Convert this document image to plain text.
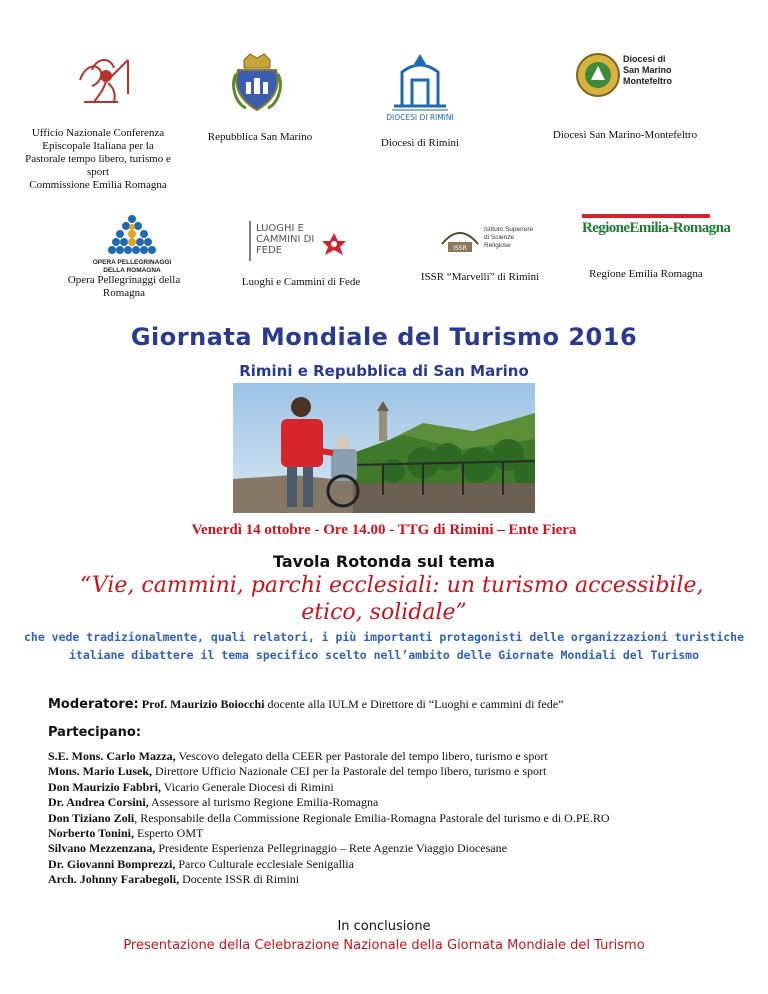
Ufficio Nazionale Conferenza Episcopale Italiana per la Pastorale tempo libero, turismo e sport
Commissione Emilia Romagna
Repubblica San Marino
DIOCESI DI RIMINI
Diocesi di Rimini
Diocesi di San Marino Montefeltro
Diocesi San Marino-Montefeltro
OPERA PELLEGRINAGGI DELLA ROMAGNA
Opera Pellegrinaggi della Romagna
LUOGHI E CAMMINI DI FEDE
Luoghi e Cammini di Fede
ISSR
Istituto Superiore di Scienze Religiose
ISSR “Marvelli” di Rimini
RegioneEmilia-Romagna
Regione Emilia Romagna
Giornata Mondiale del Turismo 2016
Rimini e Repubblica di San Marino
Venerdì 14 ottobre - Ore 14.00 - TTG di Rimini – Ente Fiera
Tavola Rotonda sul tema
“Vie, cammini, parchi ecclesiali: un turismo accessibile,
etico, solidale”
che vede tradizionalmente, quali relatori, i più importanti protagonisti delle organizzazioni turistiche
italiane dibattere il tema specifico scelto nell’ambito delle Giornate Mondiali del Turismo
Moderatore: Prof. Maurizio Boiocchi docente alla IULM e Direttore di “Luoghi e cammini di fede”
Partecipano:
S.E. Mons. Carlo Mazza, Vescovo delegato della CEER per Pastorale del tempo libero, turismo e sport
Mons. Mario Lusek, Direttore Ufficio Nazionale CEI per la Pastorale del tempo libero, turismo e sport
Don Maurizio Fabbri, Vicario Generale Diocesi di Rimini
Dr. Andrea Corsini, Assessore al turismo Regione Emilia-Romagna
Don Tiziano Zoli, Responsabile della Commissione Regionale Emilia-Romagna Pastorale del turismo e di O.PE.RO
Norberto Tonini, Esperto OMT
Silvano Mezzenzana, Presidente Esperienza Pellegrinaggio – Rete Agenzie Viaggio Diocesane
Dr. Giovanni Bomprezzi, Parco Culturale ecclesiale Senigallia
Arch. Johnny Farabegoli, Docente ISSR di Rimini
In conclusione
Presentazione della Celebrazione Nazionale della Giornata Mondiale del Turismo
